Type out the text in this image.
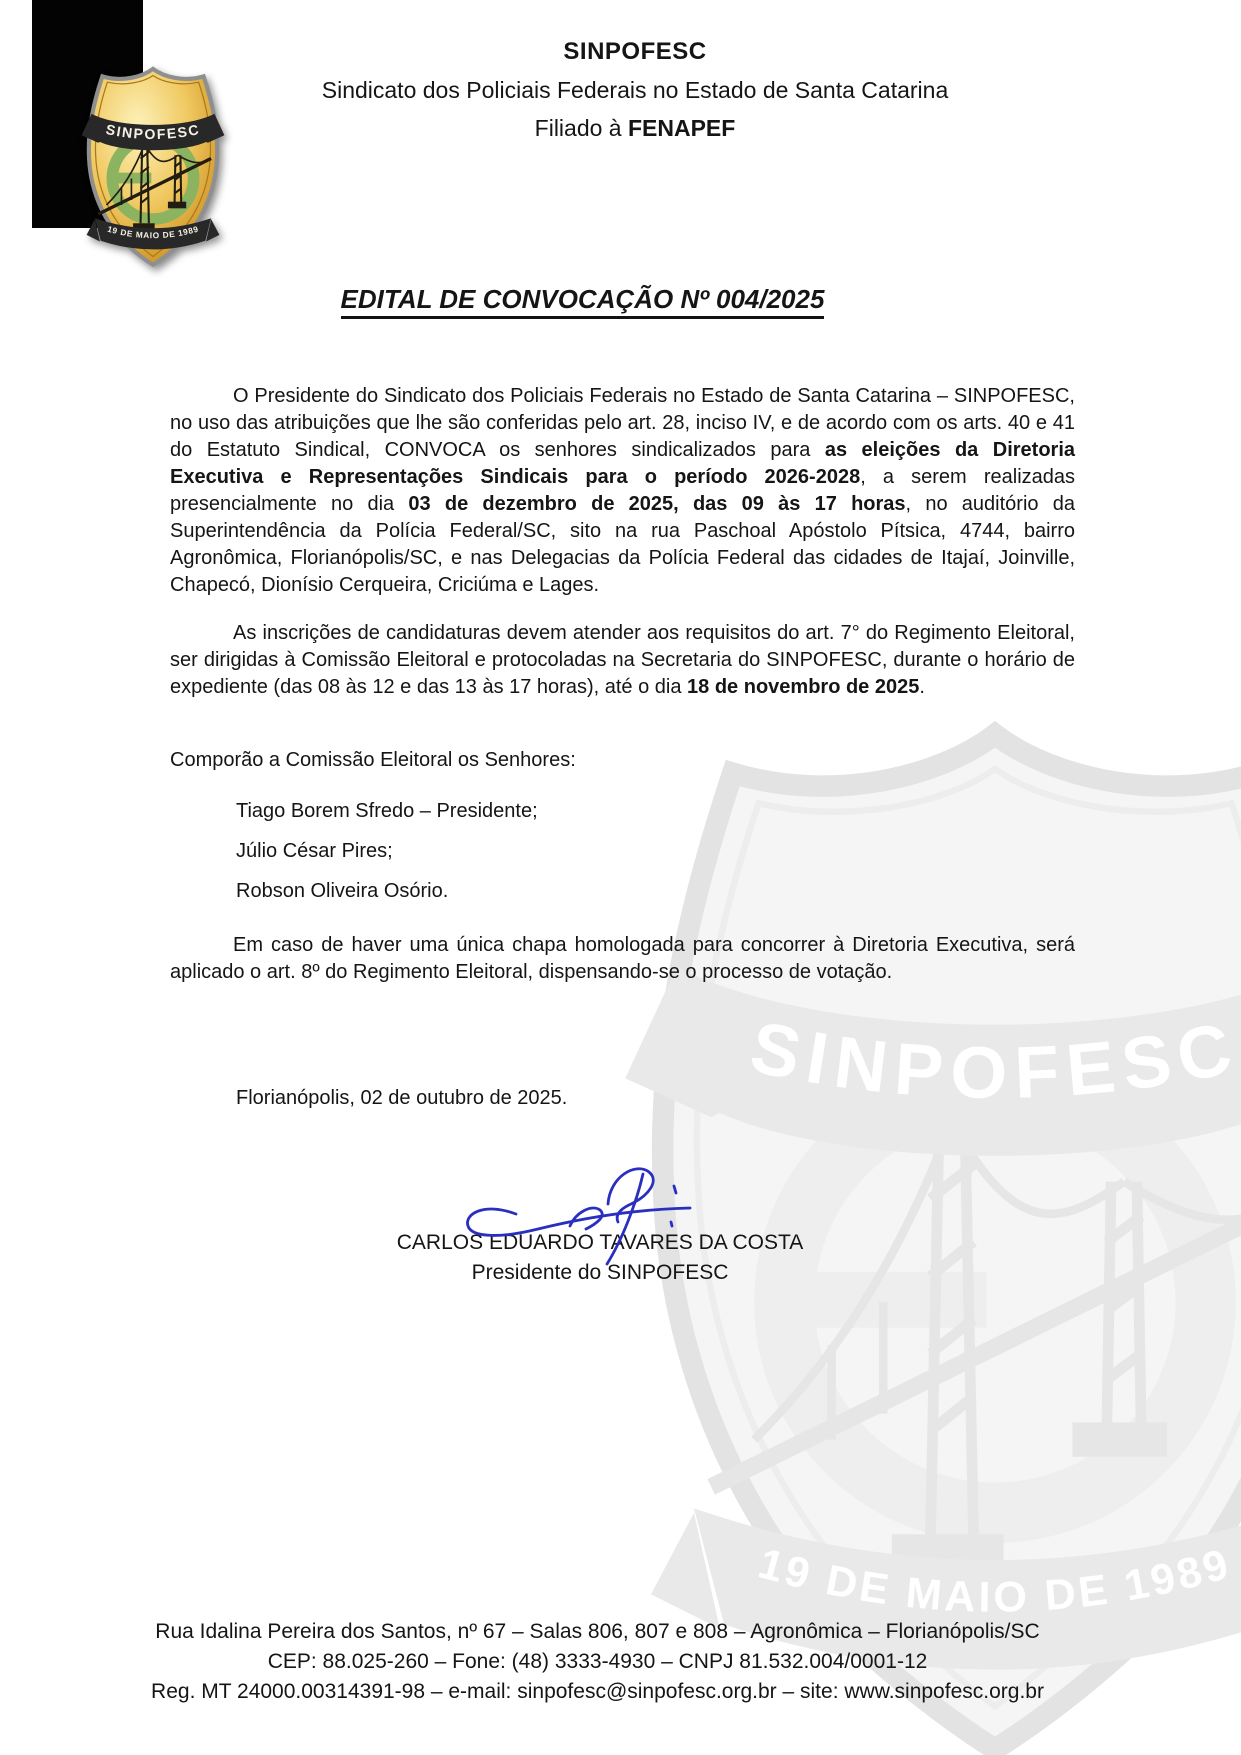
SINPOFESC
Sindicato dos Policiais Federais no Estado de Santa Catarina
Filiado à FENAPEF
EDITAL DE CONVOCAÇÃO Nº 004/2025
O Presidente do Sindicato dos Policiais Federais no Estado de Santa Catarina – SINPOFESC, no uso das atribuições que lhe são conferidas pelo art. 28, inciso IV, e de acordo com os arts. 40 e 41 do Estatuto Sindical, CONVOCA os senhores sindicalizados para as eleições da Diretoria Executiva e Representações Sindicais para o período 2026-2028, a serem realizadas presencialmente no dia 03 de dezembro de 2025, das 09 às 17 horas, no auditório da Superintendência da Polícia Federal/SC, sito na rua Paschoal Apóstolo Pítsica, 4744, bairro Agronômica, Florianópolis/SC, e nas Delegacias da Polícia Federal das cidades de Itajaí, Joinville, Chapecó, Dionísio Cerqueira, Criciúma e Lages.
As inscrições de candidaturas devem atender aos requisitos do art. 7° do Regimento Eleitoral, ser dirigidas à Comissão Eleitoral e protocoladas na Secretaria do SINPOFESC, durante o horário de expediente (das 08 às 12 e das 13 às 17 horas), até o dia 18 de novembro de 2025.
Comporão a Comissão Eleitoral os Senhores:
Tiago Borem Sfredo – Presidente;
Júlio César Pires;
Robson Oliveira Osório.
Em caso de haver uma única chapa homologada para concorrer à Diretoria Executiva, será aplicado o art. 8º do Regimento Eleitoral, dispensando-se o processo de votação.
Florianópolis, 02 de outubro de 2025.
CARLOS EDUARDO TAVARES DA COSTA
Presidente do SINPOFESC
Rua Idalina Pereira dos Santos, nº 67 – Salas 806, 807 e 808 – Agronômica – Florianópolis/SC
CEP: 88.025-260 – Fone: (48) 3333-4930 – CNPJ 81.532.004/0001-12
Reg. MT 24000.00314391-98 – e-mail: sinpofesc@sinpofesc.org.br – site: www.sinpofesc.org.br
